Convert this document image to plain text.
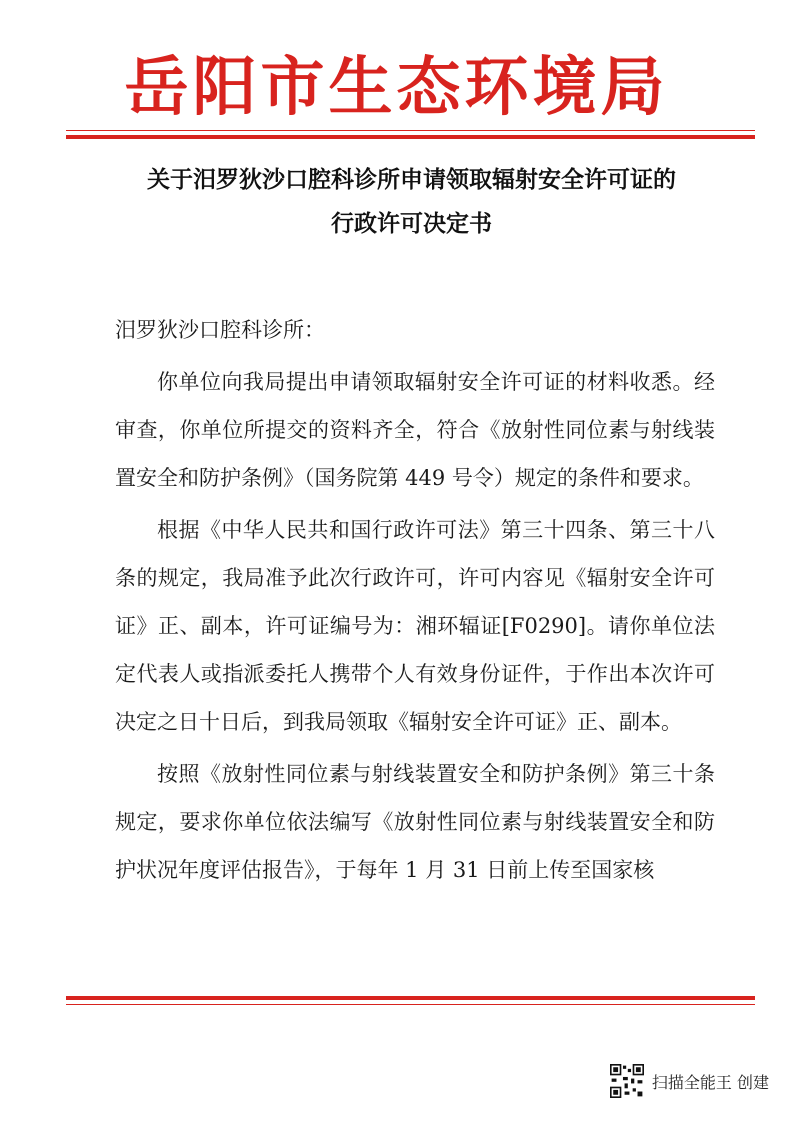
岳阳市生态环境局
关于汨罗狄沙口腔科诊所申请领取辐射安全许可证的
行政许可决定书

汨罗狄沙口腔科诊所：

你单位向我局提出申请领取辐射安全许可证的材料收悉。经审查，你单位所提交的资料齐全，符合《放射性同位素与射线装置安全和防护条例》（国务院第 449 号令）规定的条件和要求。

根据《中华人民共和国行政许可法》第三十四条、第三十八条的规定，我局准予此次行政许可，许可内容见《辐射安全许可证》正、副本，许可证编号为：湘环辐证[F0290]。请你单位法定代表人或指派委托人携带个人有效身份证件，于作出本次许可决定之日十日后，到我局领取《辐射安全许可证》正、副本。

按照《放射性同位素与射线装置安全和防护条例》第三十条规定，要求你单位依法编写《放射性同位素与射线装置安全和防护状况年度评估报告》，于每年 1 月 31 日前上传至国家核

扫描全能王 创建
